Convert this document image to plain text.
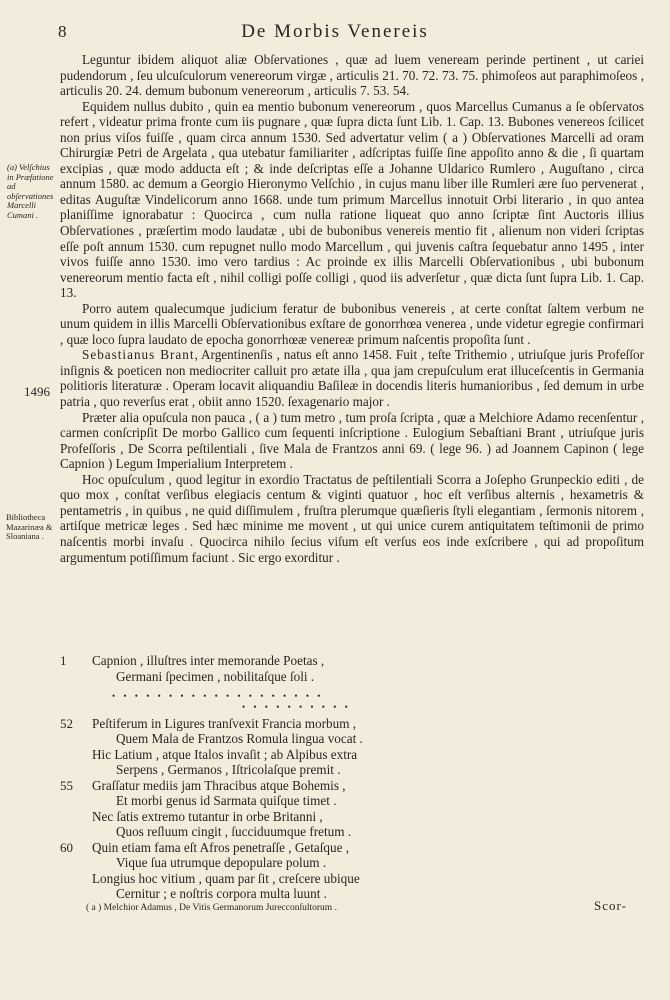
8	De Morbis Venereis
(a) Velſchius in Præfatione ad obſervationes Marcelli Cumani .
1496
Bibliotheca Mazarinæa & Sloaniana .

Leguntur ibidem aliquot aliæ Obſervationes , quæ ad luem veneream perinde pertinent , ut cariei pudendorum , ſeu ulcuſculorum venereorum virgæ , articulis 21. 70. 72. 73. 75. phimoſeos aut paraphimoſeos , articulis 20. 24. demum bubonum venereorum , articulis 7. 53. 54.

Equidem nullus dubito , quin ea mentio bubonum venereorum , quos Marcellus Cumanus a ſe obſervatos refert , videatur prima fronte cum iis pugnare , quæ ſupra dicta ſunt Lib. 1. Cap. 13. Bubones venereos ſcilicet non prius viſos fuiſſe , quam circa annum 1530. Sed advertatur velim ( a ) Obſervationes Marcelli ad oram Chirurgiæ Petri de Argelata , qua utebatur familiariter , adſcriptas fuiſſe ſine appoſito anno & die , ſi quartam excipias , quæ modo adducta eſt ; & inde deſcriptas eſſe a Johanne Uldarico Rumlero , Auguſtano , circa annum 1580. ac demum a Georgio Hieronymo Velſchio , in cujus manu liber ille Rumleri ære ſuo pervenerat , editas Auguſtæ Vindelicorum anno 1668. unde tum primum Marcellus innotuit Orbi literario , in quo antea planiſſime ignorabatur : Quocirca , cum nulla ratione liqueat quo anno ſcriptæ ſint Auctoris illius Obſervationes , præſertim modo laudatæ , ubi de bubonibus venereis mentio fit , alienum non videri ſcriptas eſſe poſt annum 1530. cum repugnet nullo modo Marcellum , qui juvenis caſtra ſequebatur anno 1495 , inter vivos fuiſſe anno 1530. imo vero tardius : Ac proinde ex illis Marcelli Obſervationibus , ubi bubonum venereorum mentio facta eſt , nihil colligi poſſe colligi , quod iis adverſetur , quæ dicta ſunt ſupra Lib. 1. Cap. 13.

Porro autem qualecumque judicium feratur de bubonibus venereis , at certe conſtat ſaltem verbum ne unum quidem in illis Marcelli Obſervationibus exſtare de gonorrhœa venerea , unde videtur egregie confirmari , quæ loco ſupra laudato de epocha gonorrhœæ venereæ primum naſcentis propoſita ſunt .

Sebastianus Brant, Argentinenſis , natus eſt anno 1458. Fuit , teſte Trithemio , utriuſque juris Profeſſor inſignis & poeticen non mediocriter calluit pro ætate illa , qua jam crepuſculum erat illuceſcentis in Germania politioris literaturæ . Operam locavit aliquandiu Baſileæ in docendis literis humanioribus , ſed demum in urbe patria , quo reverſus erat , obiit anno 1520. ſexagenario major .

Præter alia opuſcula non pauca , ( a ) tum metro , tum proſa ſcripta , quæ a Melchiore Adamo recenſentur , carmen conſcripſit De morbo Gallico cum ſequenti inſcriptione . Eulogium Sebaſtiani Brant , utriuſque juris Profeſſoris , De Scorra peſtilentiali , ſive Mala de Frantzos anni 69. ( lege 96. ) ad Joannem Capinon ( lege Capnion ) Legum Imperialium Interpretem .

Hoc opuſculum , quod legitur in exordio Tractatus de peſtilentiali Scorra a Joſepho Grunpeckio editi , de quo mox , conſtat verſibus elegiacis centum & viginti quatuor , hoc eſt verſibus alternis , hexametris & pentametris , in quibus , ne quid diſſimulem , fruſtra plerumque quæſieris ſtyli elegantiam , ſermonis nitorem , artiſque metricæ leges . Sed hæc minime me movent , ut qui unice curem antiquitatem teſtimonii de primo naſcentis morbi invaſu . Quocirca nihilo ſecius viſum eſt verſus eos inde exſcribere , qui ad propoſitum argumentum potiſſimum faciunt . Sic ergo exorditur .

1 Capnion , illuſtres inter memorande Poetas ,
Germani ſpecimen , nobilitaſque ſoli .
• • • • • • • • • • • • • • • • • • •
• • • • • • • • • •
52 Peſtiferum in Ligures tranſvexit Francia morbum ,
Quem Mala de Frantzos Romula lingua vocat .
Hic Latium , atque Italos invaſit ; ab Alpibus extra
Serpens , Germanos , Iſtricolaſque premit .
55 Graſſatur mediis jam Thracibus atque Bohemis ,
Et morbi genus id Sarmata quiſque timet .
Nec ſatis extremo tutantur in orbe Britanni ,
Quos reſluum cingit , ſucciduumque fretum .
60 Quin etiam fama eſt Afros penetraſſe , Getaſque ,
Vique ſua utrumque depopulare polum .
Longius hoc vitium , quam par ſit , creſcere ubique
Cernitur ; e noſtris corpora multa luunt .
Scor-
( a ) Melchior Adamus , De Vitis Germanorum Jurecconſultorum .
